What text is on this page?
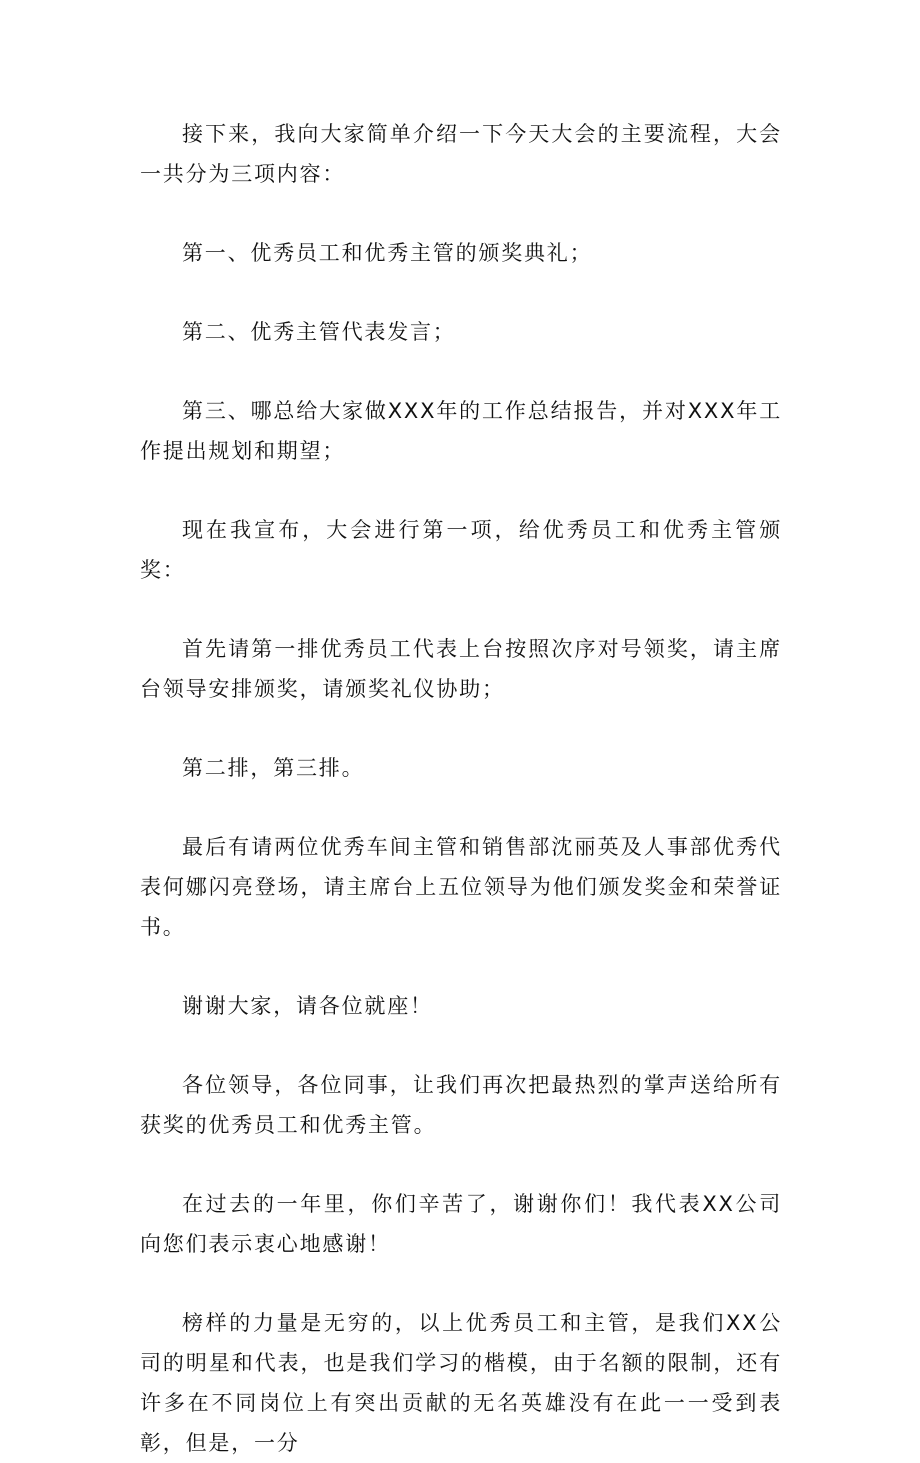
接下来，我向大家简单介绍一下今天大会的主要流程，大会一共分为三项内容：

第一、优秀员工和优秀主管的颁奖典礼；

第二、优秀主管代表发言；

第三、哪总给大家做XXX年的工作总结报告，并对XXX年工作提出规划和期望；

现在我宣布，大会进行第一项，给优秀员工和优秀主管颁奖：

首先请第一排优秀员工代表上台按照次序对号领奖，请主席台领导安排颁奖，请颁奖礼仪协助；

第二排，第三排。

最后有请两位优秀车间主管和销售部沈丽英及人事部优秀代表何娜闪亮登场，请主席台上五位领导为他们颁发奖金和荣誉证书。

谢谢大家，请各位就座！

各位领导，各位同事，让我们再次把最热烈的掌声送给所有获奖的优秀员工和优秀主管。

在过去的一年里，你们辛苦了，谢谢你们！我代表XX公司向您们表示衷心地感谢！

榜样的力量是无穷的，以上优秀员工和主管，是我们XX公司的明星和代表，也是我们学习的楷模，由于名额的限制，还有许多在不同岗位上有突出贡献的无名英雄没有在此一一受到表彰，但是，一分
